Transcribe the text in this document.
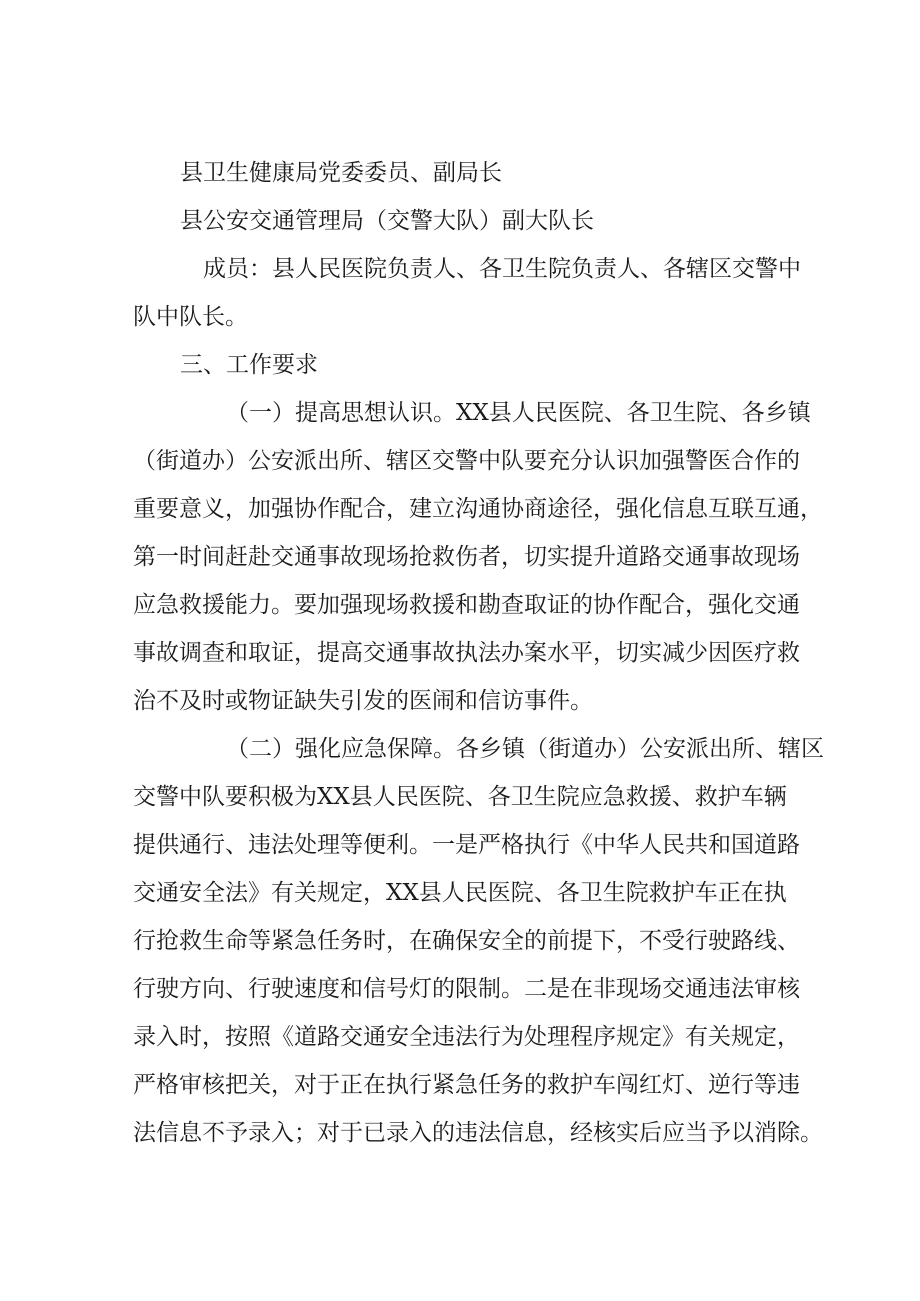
县卫生健康局党委委员、副局长

县公安交通管理局（交警大队）副大队长

成员：县人民医院负责人、各卫生院负责人、各辖区交警中

队中队长。

三、工作要求

（一）提高思想认识。XX县人民医院、各卫生院、各乡镇

（街道办）公安派出所、辖区交警中队要充分认识加强警医合作的

重要意义，加强协作配合，建立沟通协商途径，强化信息互联互通，

第一时间赶赴交通事故现场抢救伤者，切实提升道路交通事故现场

应急救援能力。要加强现场救援和勘查取证的协作配合，强化交通

事故调查和取证，提高交通事故执法办案水平，切实减少因医疗救

治不及时或物证缺失引发的医闹和信访事件。

（二）强化应急保障。各乡镇（街道办）公安派出所、辖区

交警中队要积极为XX县人民医院、各卫生院应急救援、救护车辆

提供通行、违法处理等便利。一是严格执行《中华人民共和国道路

交通安全法》有关规定，XX县人民医院、各卫生院救护车正在执

行抢救生命等紧急任务时，在确保安全的前提下，不受行驶路线、

行驶方向、行驶速度和信号灯的限制。二是在非现场交通违法审核

录入时，按照《道路交通安全违法行为处理程序规定》有关规定，

严格审核把关，对于正在执行紧急任务的救护车闯红灯、逆行等违

法信息不予录入；对于已录入的违法信息，经核实后应当予以消除。
